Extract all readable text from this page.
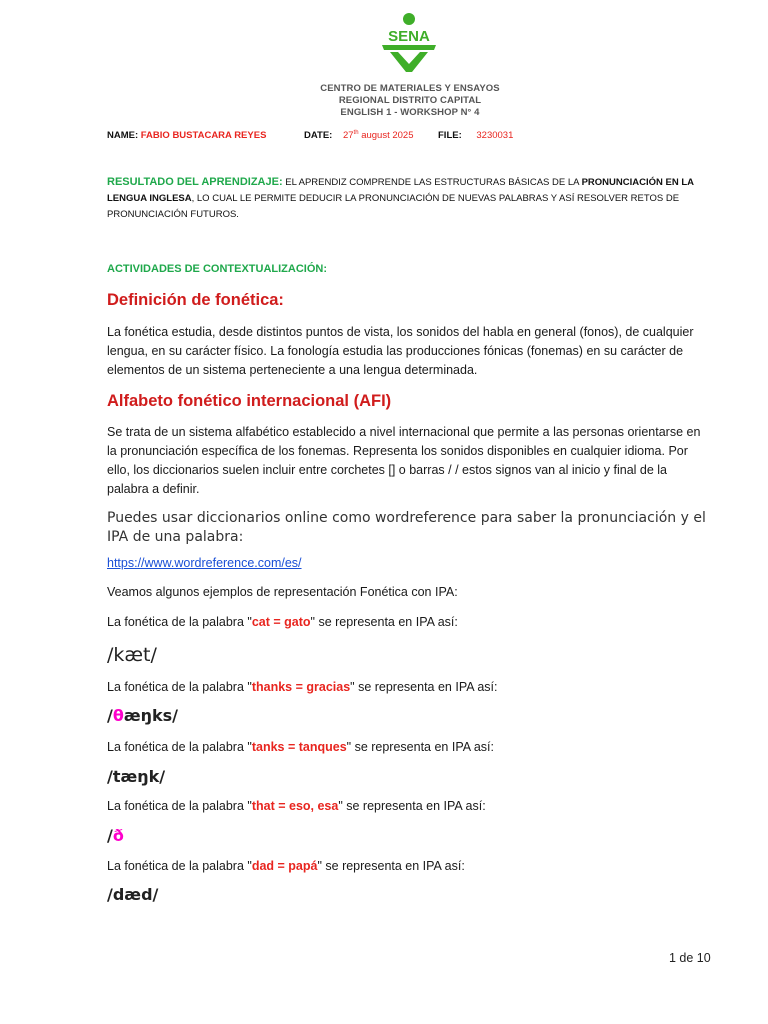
SENA
CENTRO DE MATERIALES Y ENSAYOS
REGIONAL DISTRITO CAPITAL
ENGLISH 1 - WORKSHOP N° 4
NAME: FABIO BUSTACARA REYES	DATE: 27th august 2025	FILE: 3230031
RESULTADO DEL APRENDIZAJE: EL APRENDIZ COMPRENDE LAS ESTRUCTURAS BÁSICAS DE LA PRONUNCIACIÓN EN LA LENGUA INGLESA, LO CUAL LE PERMITE DEDUCIR LA PRONUNCIACIÓN DE NUEVAS PALABRAS Y ASÍ RESOLVER RETOS DE PRONUNCIACIÓN FUTUROS.
ACTIVIDADES DE CONTEXTUALIZACIÓN:
Definición de fonética:
La fonética estudia, desde distintos puntos de vista, los sonidos del habla en general (fonos), de cualquier lengua, en su carácter físico. La fonología estudia las producciones fónicas (fonemas) en su carácter de elementos de un sistema perteneciente a una lengua determinada.
Alfabeto fonético internacional (AFI)
Se trata de un sistema alfabético establecido a nivel internacional que permite a las personas orientarse en la pronunciación específica de los fonemas. Representa los sonidos disponibles en cualquier idioma. Por ello, los diccionarios suelen incluir entre corchetes [] o barras / / estos signos van al inicio y final de la palabra a definir.
Puedes usar diccionarios online como wordreference para saber la pronunciación y el IPA de una palabra:
https://www.wordreference.com/es/
Veamos algunos ejemplos de representación Fonética con IPA:
La fonética de la palabra "cat = gato" se representa en IPA así:
/kæt/
La fonética de la palabra "thanks = gracias" se representa en IPA así:
/θæŋks/
La fonética de la palabra "tanks = tanques" se representa en IPA así:
/tæŋk/
La fonética de la palabra "that = eso, esa" se representa en IPA así:
/ð
La fonética de la palabra "dad = papá" se representa en IPA así:
/dæd/
1 de 10
